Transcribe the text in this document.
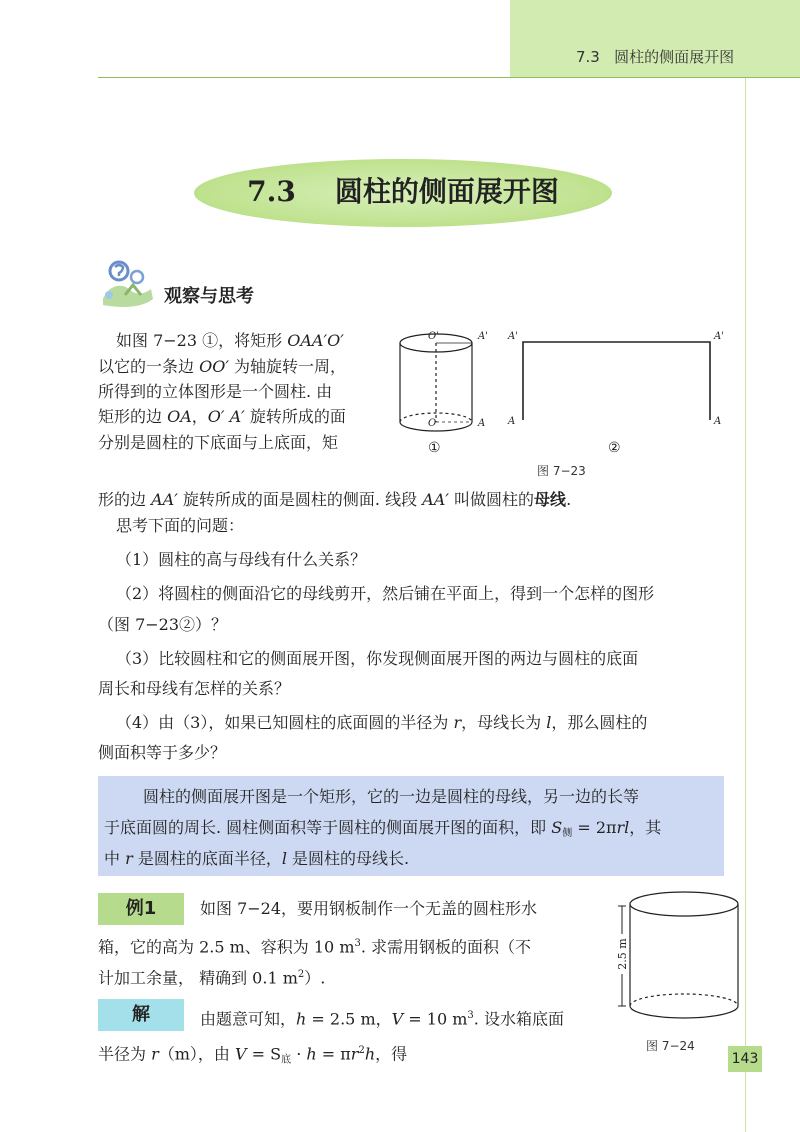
7.3   圆柱的侧面展开图
7.3    圆柱的侧面展开图
观察与思考
如图 7−23 ①，将矩形 OAA′O′
以它的一条边 OO′ 为轴旋转一周，
所得到的立体图形是一个圆柱. 由
矩形的边 OA，O′ A′ 旋转所成的面
分别是圆柱的下底面与上底面，矩
形的边 AA′ 旋转所成的面是圆柱的侧面. 线段 AA′ 叫做圆柱的母线.
O'	A'
O	A
A'	A'
A	A
①	②
图 7−23
思考下面的问题：
（1）圆柱的高与母线有什么关系？
（2）将圆柱的侧面沿它的母线剪开，然后铺在平面上，得到一个怎样的图形
（图 7−23②）？
（3）比较圆柱和它的侧面展开图，你发现侧面展开图的两边与圆柱的底面
周长和母线有怎样的关系？
（4）由（3），如果已知圆柱的底面圆的半径为 r，母线长为 l，那么圆柱的
侧面积等于多少？
圆柱的侧面展开图是一个矩形，它的一边是圆柱的母线，另一边的长等
于底面圆的周长. 圆柱侧面积等于圆柱的侧面展开图的面积，即 $S_侧 = 2\pi rl$，其
中 r 是圆柱的底面半径，l 是圆柱的母线长.
例1	如图 7−24，要用钢板制作一个无盖的圆柱形水
箱，它的高为 2.5 m、容积为 10 $m^3$. 求需用钢板的面积（不
计加工余量， 精确到 0.1 $m^2$）.
解	由题意可知，h = 2.5 m，V = 10 $m^3$. 设水箱底面
半径为 r（m），由 $V = S_底 \cdot h = \pi r^2h$，得
2.5 m
图 7−24
143
